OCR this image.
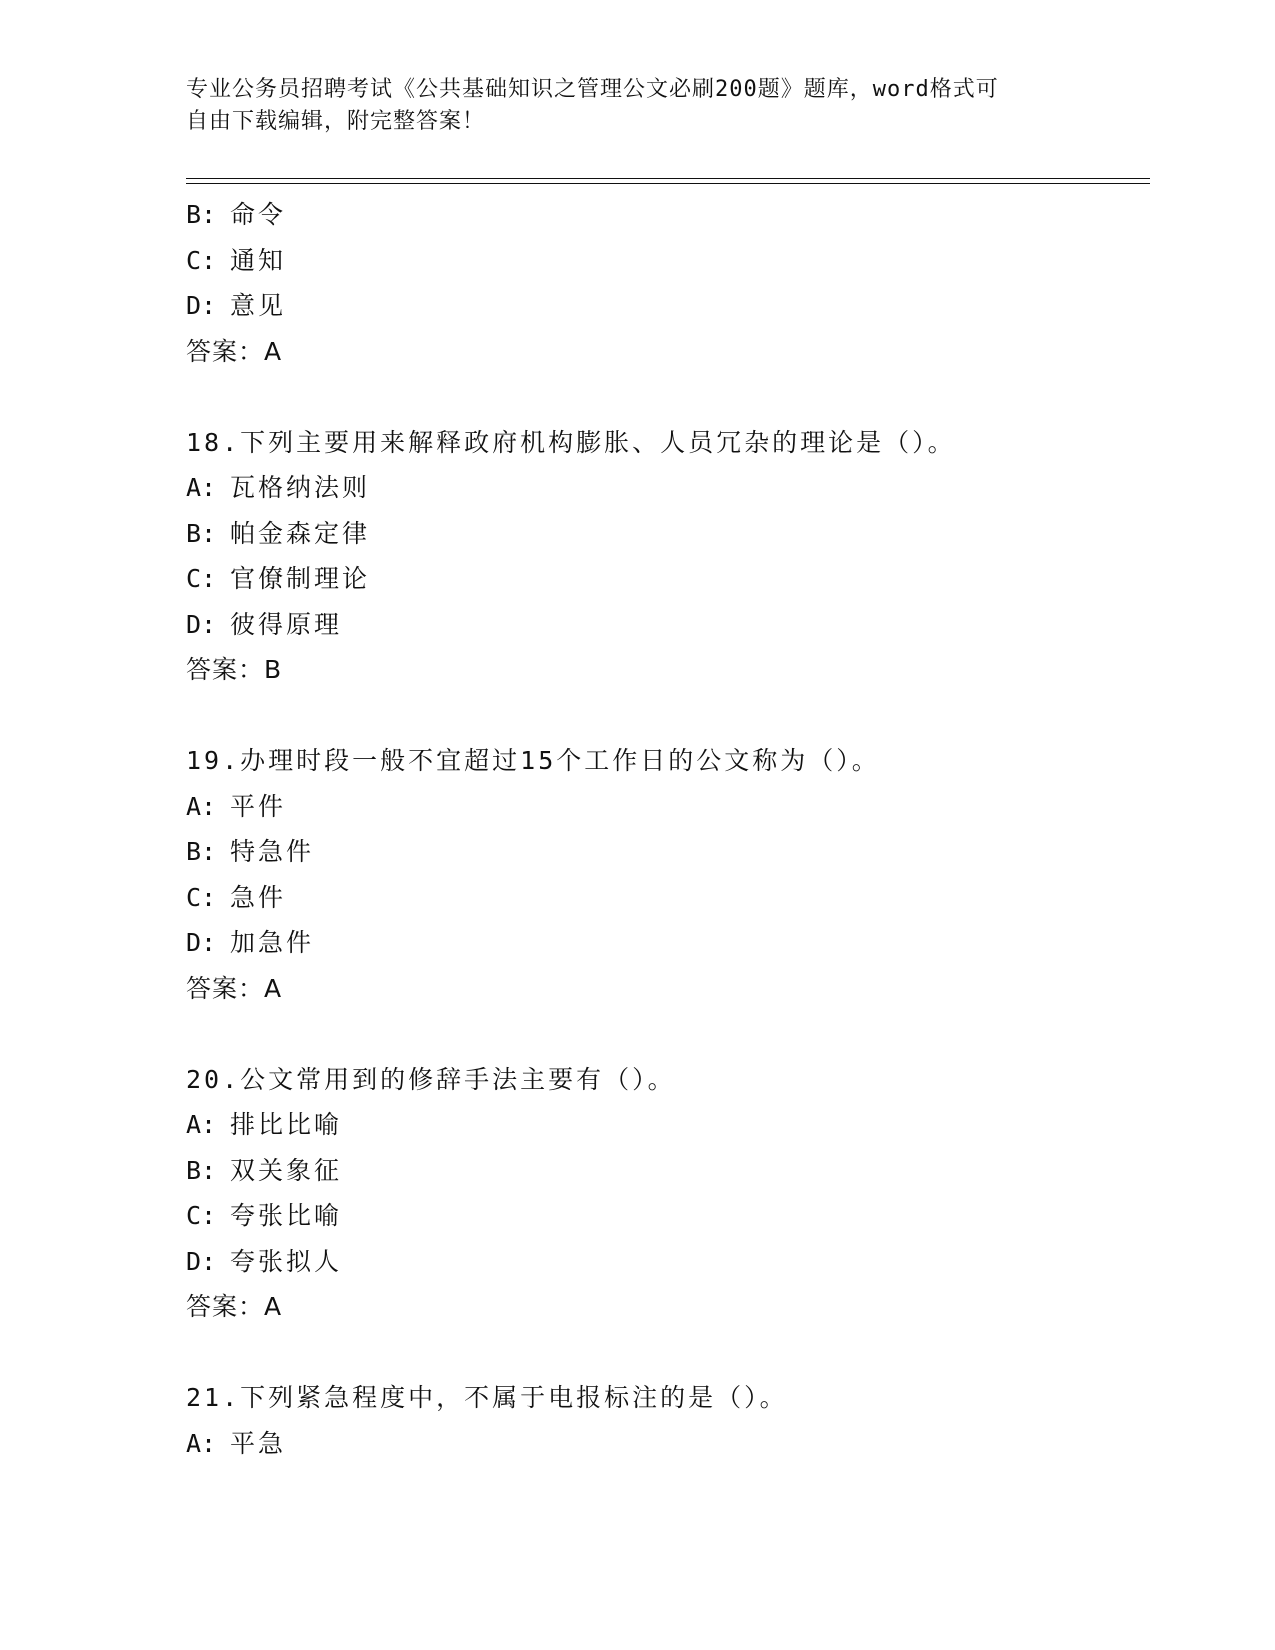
专业公务员招聘考试《公共基础知识之管理公文必刷200题》题库，word格式可
自由下载编辑，附完整答案！
B: 命令
C: 通知
D: 意见
答案：A
18.下列主要用来解释政府机构膨胀、人员冗杂的理论是（）。
A: 瓦格纳法则
B: 帕金森定律
C: 官僚制理论
D: 彼得原理
答案：B
19.办理时段一般不宜超过15个工作日的公文称为（）。
A: 平件
B: 特急件
C: 急件
D: 加急件
答案：A
20.公文常用到的修辞手法主要有（）。
A: 排比比喻
B: 双关象征
C: 夸张比喻
D: 夸张拟人
答案：A
21.下列紧急程度中，不属于电报标注的是（）。
A: 平急
